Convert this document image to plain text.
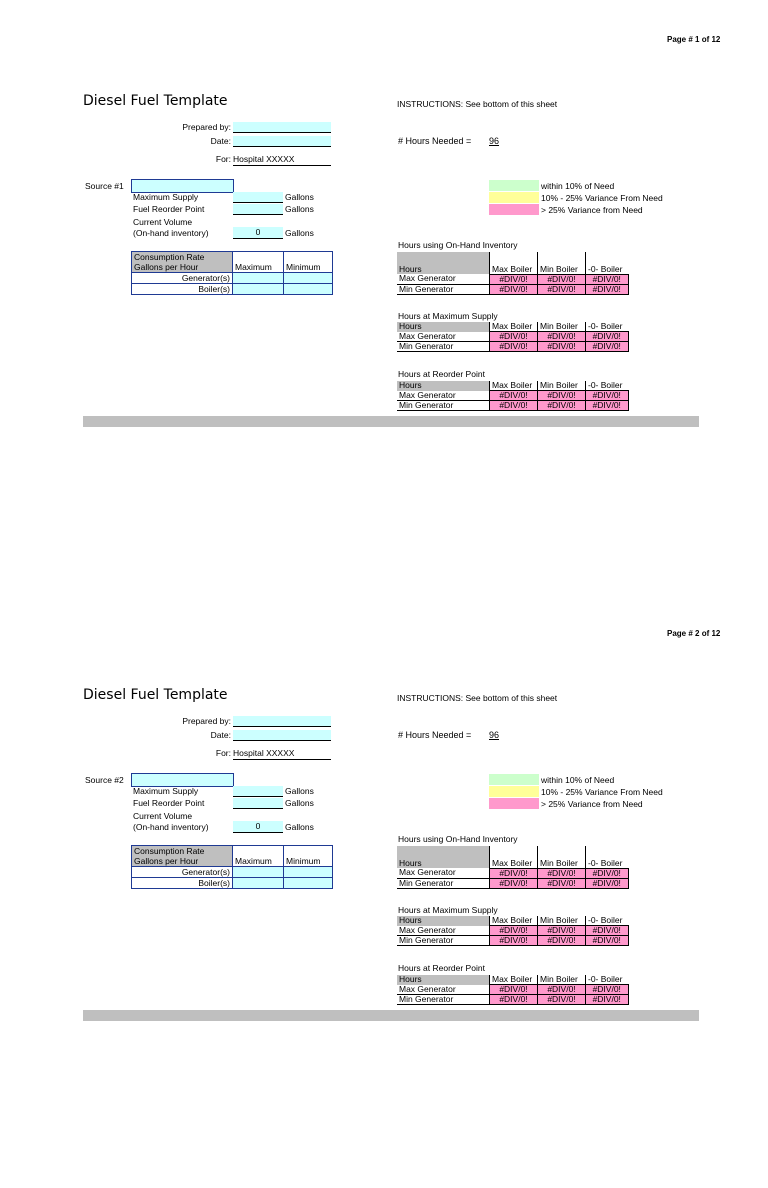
Page # 1 of 12
Diesel Fuel Template	INSTRUCTIONS: See bottom of this sheet
Prepared by:
Date:
For: Hospital XXXXX
# Hours Needed = 96
Source #1
Maximum Supply	Gallons
Fuel Reorder Point	Gallons
Current Volume
(On-hand inventory)	0	Gallons
Consumption Rate
Gallons per Hour	Maximum	Minimum
Generator(s)		
Boiler(s)		
within 10% of Need
10% - 25% Variance From Need
> 25% Variance from Need
Hours using On-Hand Inventory
Hours	Max Boiler	Min Boiler	-0- Boiler
Max Generator	#DIV/0!	#DIV/0!	#DIV/0!
Min Generator	#DIV/0!	#DIV/0!	#DIV/0!
Hours at Maximum Supply
Hours	Max Boiler	Min Boiler	-0- Boiler
Max Generator	#DIV/0!	#DIV/0!	#DIV/0!
Min Generator	#DIV/0!	#DIV/0!	#DIV/0!
Hours at Reorder Point
Hours	Max Boiler	Min Boiler	-0- Boiler
Max Generator	#DIV/0!	#DIV/0!	#DIV/0!
Min Generator	#DIV/0!	#DIV/0!	#DIV/0!
Page # 2 of 12
Diesel Fuel Template	INSTRUCTIONS: See bottom of this sheet
Prepared by:
Date:
For: Hospital XXXXX
# Hours Needed = 96
Source #2
Maximum Supply	Gallons
Fuel Reorder Point	Gallons
Current Volume
(On-hand inventory)	0	Gallons
Consumption Rate
Gallons per Hour	Maximum	Minimum
Generator(s)		
Boiler(s)		
within 10% of Need
10% - 25% Variance From Need
> 25% Variance from Need
Hours using On-Hand Inventory
Hours	Max Boiler	Min Boiler	-0- Boiler
Max Generator	#DIV/0!	#DIV/0!	#DIV/0!
Min Generator	#DIV/0!	#DIV/0!	#DIV/0!
Hours at Maximum Supply
Hours	Max Boiler	Min Boiler	-0- Boiler
Max Generator	#DIV/0!	#DIV/0!	#DIV/0!
Min Generator	#DIV/0!	#DIV/0!	#DIV/0!
Hours at Reorder Point
Hours	Max Boiler	Min Boiler	-0- Boiler
Max Generator	#DIV/0!	#DIV/0!	#DIV/0!
Min Generator	#DIV/0!	#DIV/0!	#DIV/0!
